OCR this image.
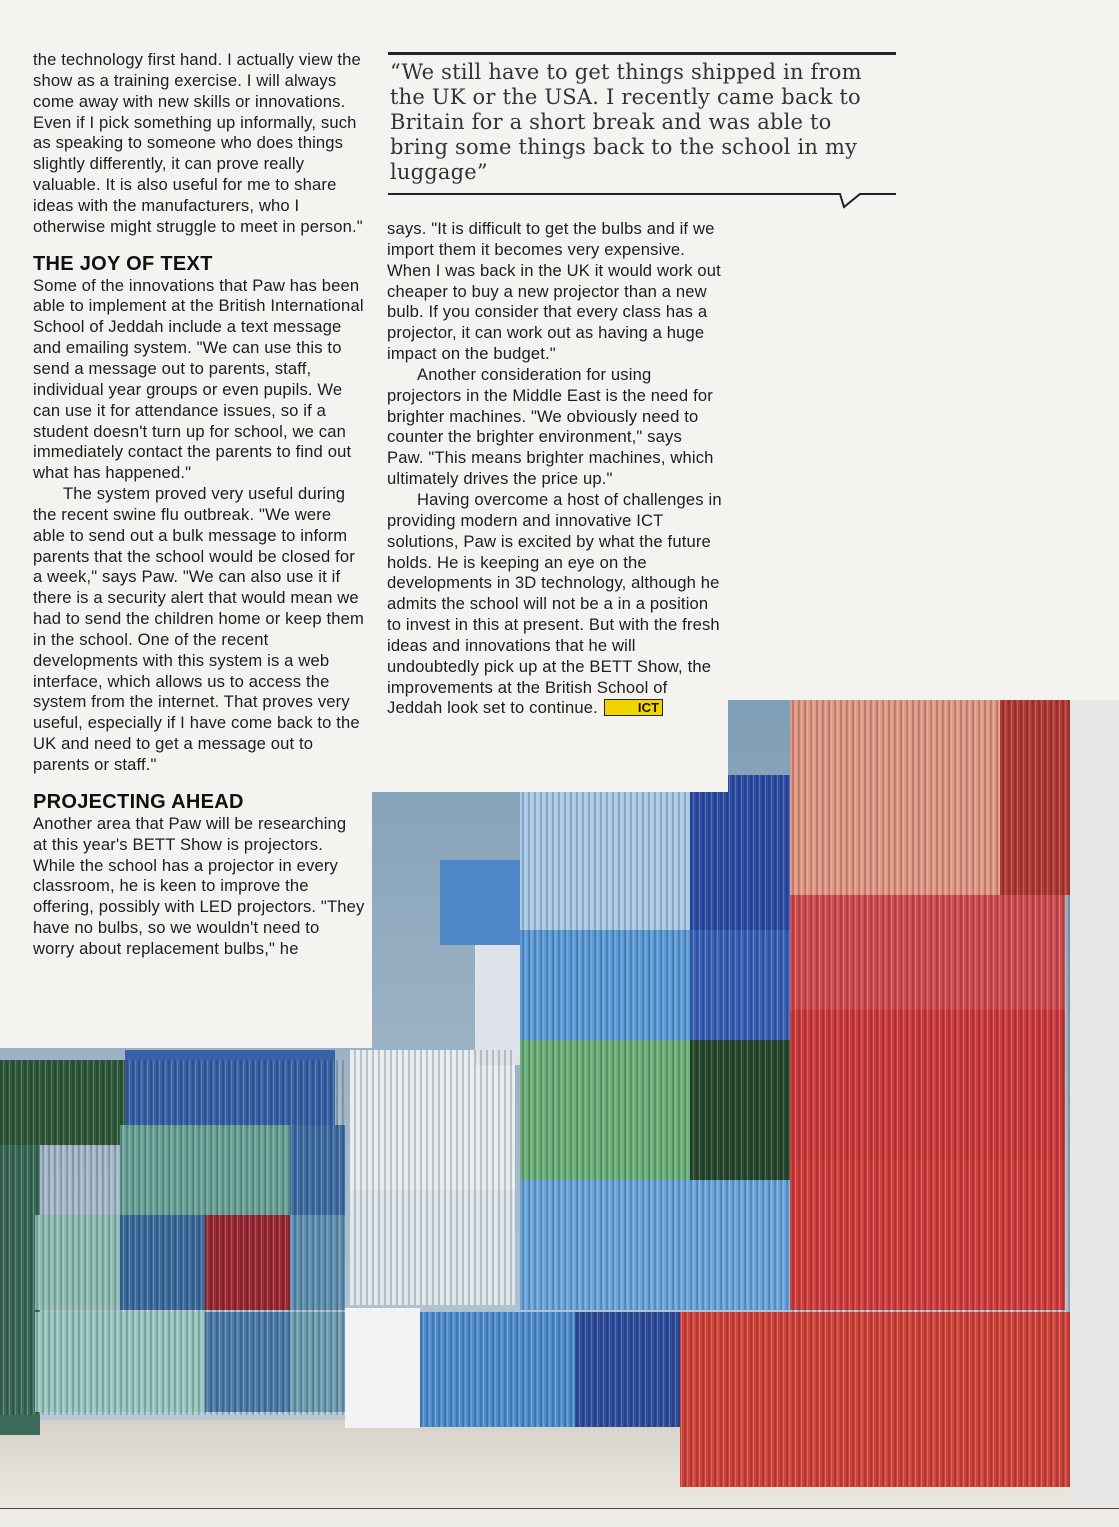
the technology first hand. I actually view the show as a training exercise. I will always come away with new skills or innovations. Even if I pick something up informally, such as speaking to someone who does things slightly differently, it can prove really valuable. It is also useful for me to share ideas with the manufacturers, who I otherwise might struggle to meet in person."

THE JOY OF TEXT

Some of the innovations that Paw has been able to implement at the British International School of Jeddah include a text message and emailing system. "We can use this to send a message out to parents, staff, individual year groups or even pupils. We can use it for attendance issues, so if a student doesn't turn up for school, we can immediately contact the parents to find out what has happened."

The system proved very useful during the recent swine flu outbreak. "We were able to send out a bulk message to inform parents that the school would be closed for a week," says Paw. "We can also use it if there is a security alert that would mean we had to send the children home or keep them in the school. One of the recent developments with this system is a web interface, which allows us to access the system from the internet. That proves very useful, especially if I have come back to the UK and need to get a message out to parents or staff."

PROJECTING AHEAD

Another area that Paw will be researching at this year's BETT Show is projectors. While the school has a projector in every classroom, he is keen to improve the offering, possibly with LED projectors. "They have no bulbs, so we wouldn't need to worry about replacement bulbs," he

“We still have to get things shipped in from the UK or the USA. I recently came back to Britain for a short break and was able to bring some things back to the school in my luggage”

says. "It is difficult to get the bulbs and if we import them it becomes very expensive. When I was back in the UK it would work out cheaper to buy a new projector than a new bulb. If you consider that every class has a projector, it can work out as having a huge impact on the budget."

Another consideration for using projectors in the Middle East is the need for brighter machines. "We obviously need to counter the brighter environment," says Paw. "This means brighter machines, which ultimately drives the price up."

Having overcome a host of challenges in providing modern and innovative ICT solutions, Paw is excited by what the future holds. He is keeping an eye on the developments in 3D technology, although he admits the school will not be a in a position to invest in this at present. But with the fresh ideas and innovations that he will undoubtedly pick up at the BETT Show, the improvements at the British School of Jeddah look set to continue.	ICT
